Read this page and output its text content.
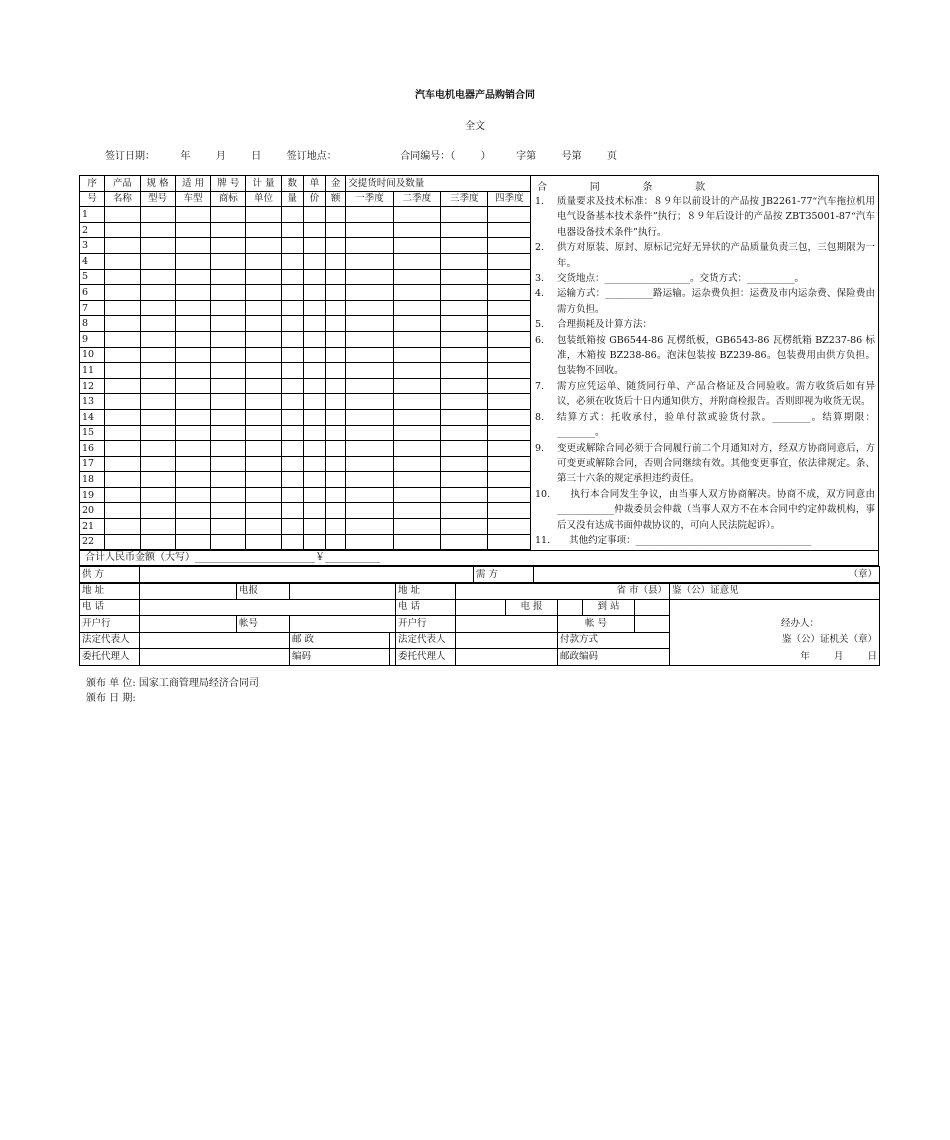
汽车电机电器产品购销合同
全文
签订日期：        年        月        日        签订地点：                    合同编号：（        ）        字第        号第        页
序	产品	规 格	适 用	牌 号	计 量	数	单	金	交提货时间及数量			
号	名称	型号	车型	商标	单位	量	价	额	一季度	二季度	三季度	四季度
1												
2												
3												
4												
5												
6												
7												
8												
9												
10												
11												
12												
13												
14												
15												
16												
17												
18												
19												
20												
21												
22												
合    同    条    款
1.	质量要求及技术标准：８９年以前设计的产品按 JB2261-77“汽车拖拉机用电气设备基本技术条件”执行；８９年后设计的产品按 ZBT35001-87“汽车电器设备技术条件”执行。
2.	供方对原装、原封、原标记完好无异状的产品质量负责三包，三包期限为一年。
3.	交货地点：__________________。交货方式：__________。
4.	运输方式：__________路运输。运杂费负担：运费及市内运杂费、保险费由需方负担。
5.	合理损耗及计算方法：
6.	包装纸箱按 GB6544-86 瓦楞纸板，GB6543-86 瓦楞纸箱 BZ237-86 标准，木箱按 BZ238-86。泡沫包装按 BZ239-86。包装费用由供方负担。包装物不回收。
7.	需方应凭运单、随货同行单、产品合格证及合同验收。需方收货后如有异议，必须在收货后十日内通知供方，并附商检报告。否则即视为收货无误。
8.	结算方式：托收承付，验单付款或验货付款。________。结算期限：________。
9.	变更或解除合同必须于合同履行前二个月通知对方，经双方协商同意后，方可变更或解除合同，否则合同继续有效。其他变更事宜，依法律规定。条、第三十六条的规定承担违约责任。
10. 执行本合同发生争议，由当事人双方协商解决。协商不成，双方同意由____________仲裁委员会仲裁（当事人双方不在本合同中约定仲裁机构，事后又没有达成书面仲裁协议的，可向人民法院起诉）。
11. 其他约定事项：_____________________________________
合计人民币金额（大写）________________________￥___________
供 方		需 方	（章）
地 址		电报			地 址	省 市（县）					鉴（公）证意见
电 话					电 话		电 报		到 站		
开户行		帐号			开户行			帐 号			经办人：
法定代表人			邮 政		法定代表人			付款方式			鉴（公）证机关（章）
委托代理人			编码		委托代理人			邮政编码			年        月        日
颁布 单 位: 国家工商管理局经济合同司
颁布 日 期:
